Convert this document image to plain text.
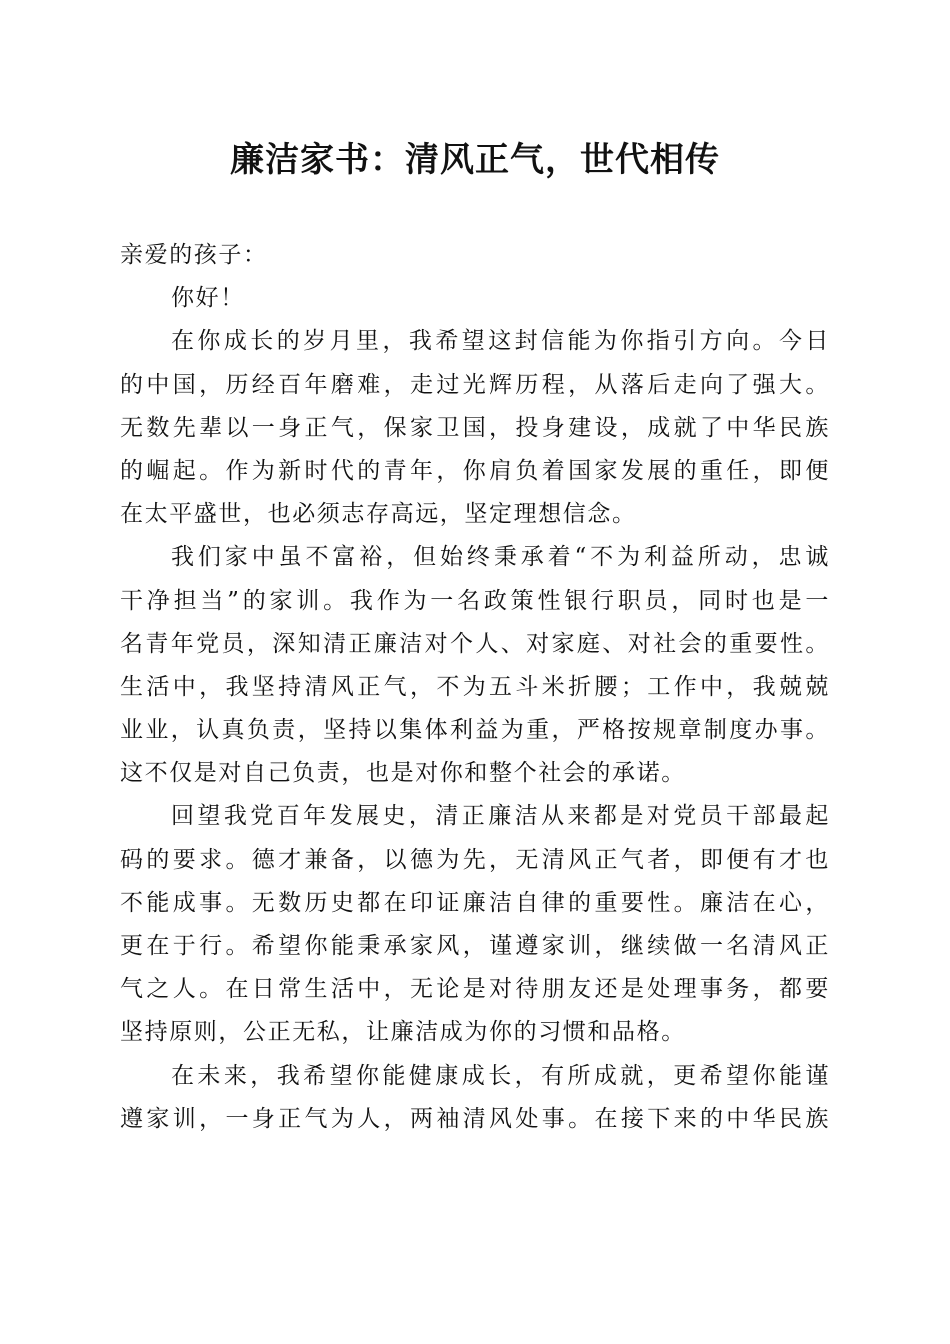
廉洁家书：清风正气，世代相传
亲爱的孩子：
你好！
在你成长的岁月里，我希望这封信能为你指引方向。今日
的中国，历经百年磨难，走过光辉历程，从落后走向了强大。
无数先辈以一身正气，保家卫国，投身建设，成就了中华民族
的崛起。作为新时代的青年，你肩负着国家发展的重任，即便
在太平盛世，也必须志存高远，坚定理想信念。
我们家中虽不富裕，但始终秉承着“不为利益所动，忠诚
干净担当”的家训。我作为一名政策性银行职员，同时也是一
名青年党员，深知清正廉洁对个人、对家庭、对社会的重要性。
生活中，我坚持清风正气，不为五斗米折腰；工作中，我兢兢
业业，认真负责，坚持以集体利益为重，严格按规章制度办事。
这不仅是对自己负责，也是对你和整个社会的承诺。
回望我党百年发展史，清正廉洁从来都是对党员干部最起
码的要求。德才兼备，以德为先，无清风正气者，即便有才也
不能成事。无数历史都在印证廉洁自律的重要性。廉洁在心，
更在于行。希望你能秉承家风，谨遵家训，继续做一名清风正
气之人。在日常生活中，无论是对待朋友还是处理事务，都要
坚持原则，公正无私，让廉洁成为你的习惯和品格。
在未来，我希望你能健康成长，有所成就，更希望你能谨
遵家训，一身正气为人，两袖清风处事。在接下来的中华民族
